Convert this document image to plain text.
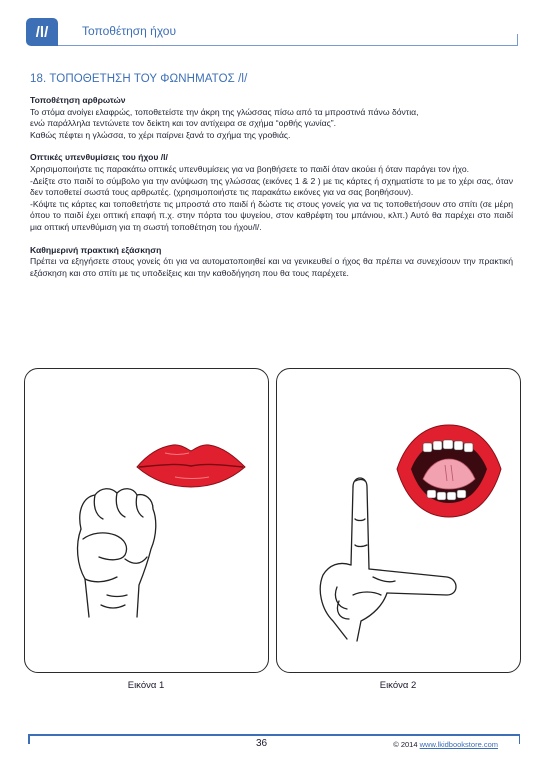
/l/	Τοποθέτηση ήχου
18. ΤΟΠΟΘΕΤΗΣΗ ΤΟΥ ΦΩΝΗΜΑΤΟΣ /l/

Τοποθέτηση αρθρωτών

Το στόμα ανοίγει ελαφρώς, τοποθετείστε την άκρη της γλώσσας πίσω από τα μπροστινά πάνω δόντια,

ενώ παράλληλα τεντώνετε τον δείκτη και τον αντίχειρα σε σχήμα “ορθής γωνίας”.

Καθώς πέφτει η γλώσσα, το χέρι παίρνει ξανά το σχήμα της γροθιάς.

Οπτικές υπενθυμίσεις του ήχου /l/

Χρησιμοποιήστε τις παρακάτω οπτικές υπενθυμίσεις για να βοηθήσετε το παιδί όταν ακούει ή όταν παράγει τον ήχο.

-Δείξτε στο παιδί το σύμβολο για την ανύψωση της γλώσσας (εικόνες 1 & 2 ) με τις κάρτες ή σχηματίστε το με το χέρι σας, όταν δεν τοποθετεί σωστά τους αρθρωτές. (χρησιμοποιήστε τις παρακάτω εικόνες για να σας βοηθήσουν).

-Κόψτε τις κάρτες και τοποθετήστε τις μπροστά στο παιδί ή δώστε τις στους γονείς για να τις τοποθετήσουν στο σπίτι (σε μέρη όπου το παιδί έχει οπτική επαφή π.χ. στην πόρτα του ψυγείου, στον καθρέφτη του μπάνιου, κλπ.) Αυτό θα παρέχει στο παιδί μια οπτική υπενθύμιση για τη σωστή τοποθέτηση του ήχου/l/.

Καθημερινή πρακτική εξάσκηση

Πρέπει να εξηγήσετε στους γονείς ότι για να αυτοματοποιηθεί και να γενικευθεί ο ήχος θα πρέπει να συνεχίσουν την πρακτική εξάσκηση και στο σπίτι με τις υποδείξεις και την καθοδήγηση που θα τους παρέχετε.

Εικόνα 1	Εικόνα 2
36	© 2014 www.lkidbookstore.com
